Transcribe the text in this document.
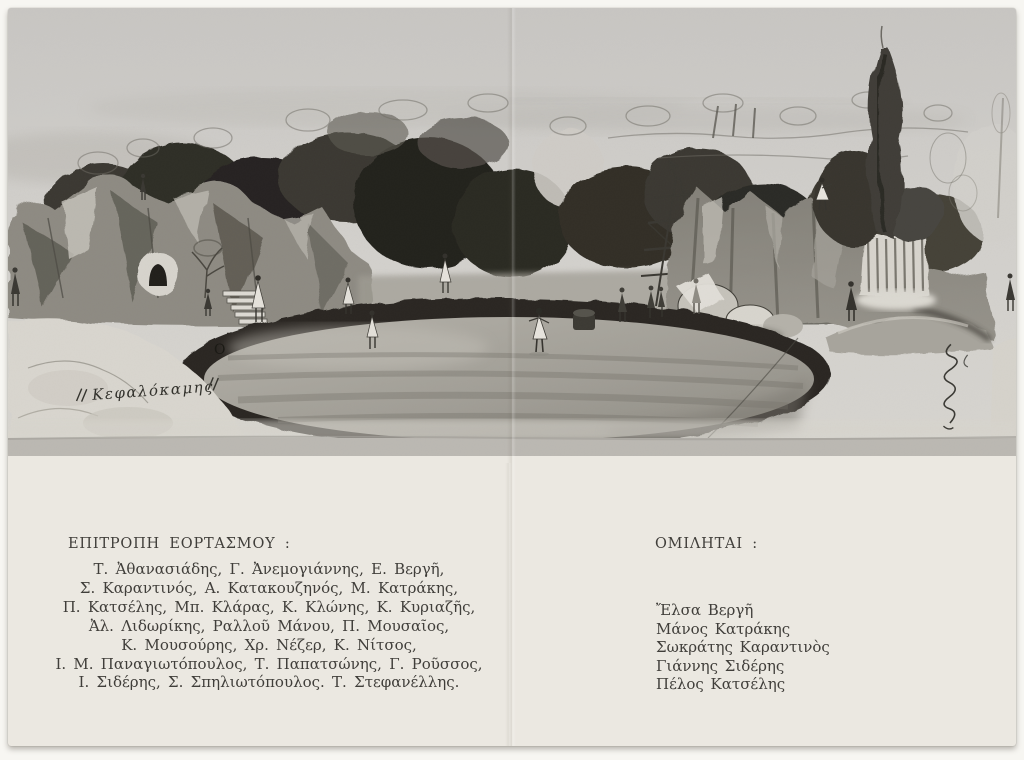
ΕΠΙΤΡΟΠΗ ΕΟΡΤΑΣΜΟΥ :
Τ. Ἀθανασιάδης, Γ. Ἀνεμογιάννης, Ε. Βεργῆ,
Σ. Καραντινός, Α. Κατακουζηνός, Μ. Κατράκης,
Π. Κατσέλης, Μπ. Κλάρας, Κ. Κλώνης, Κ. Κυριαζῆς,
Ἀλ. Λιδωρίκης, Ραλλοῦ Μάνου, Π. Μουσαῖος,
Κ. Μουσούρης, Χρ. Νέζερ, Κ. Νίτσος,
Ι. Μ. Παναγιωτόπουλος, Τ. Παπατσώνης, Γ. Ροῦσσος,
Ι. Σιδέρης, Σ. Σπηλιωτόπουλος. Τ. Στεφανέλλης.
ΟΜΙΛΗΤΑΙ :
Ἔλσα Βεργῆ
Μάνος Κατράκης
Σωκράτης Καραντινὸς
Γιάννης Σιδέρης
Πέλος Κατσέλης
